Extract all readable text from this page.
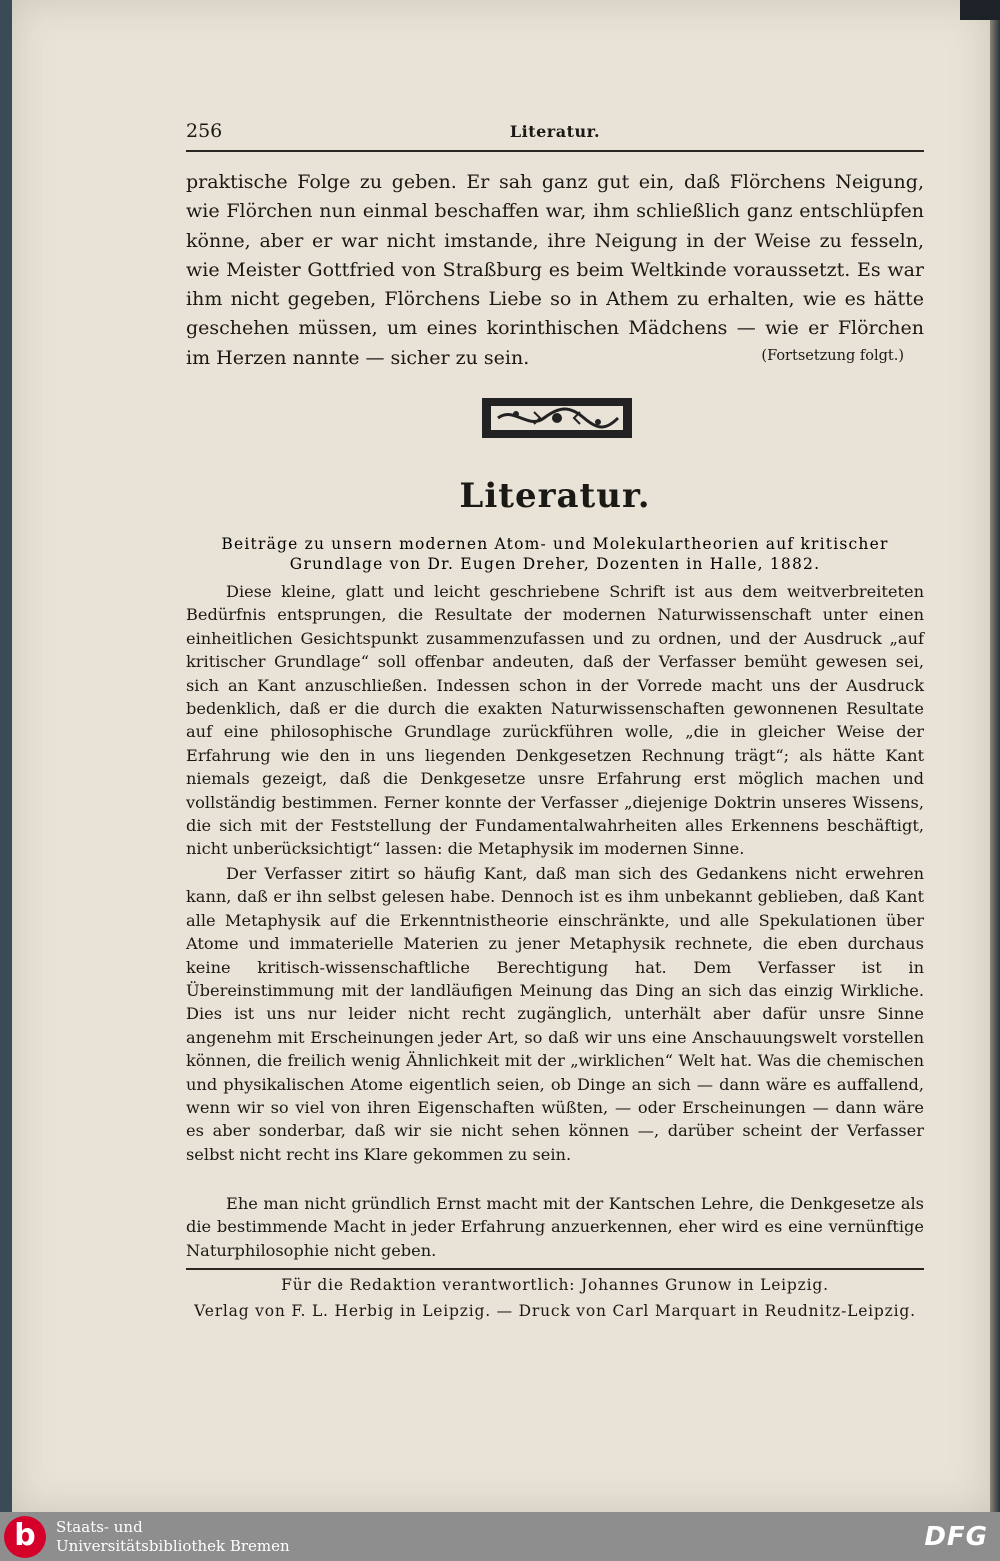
256	Literatur.
praktische Folge zu geben. Er sah ganz gut ein, daß Flörchens Neigung, wie Flörchen nun einmal beschaffen war, ihm schließlich ganz entschlüpfen könne, aber er war nicht imstande, ihre Neigung in der Weise zu fesseln, wie Meister Gottfried von Straßburg es beim Weltkinde voraussetzt. Es war ihm nicht gegeben, Flörchens Liebe so in Athem zu erhalten, wie es hätte geschehen müssen, um eines korinthischen Mädchens — wie er Flörchen im Herzen nannte — sicher zu sein.	(Fortsetzung folgt.)
Literatur.
Beiträge zu unsern modernen Atom- und Molekulartheorien auf kritischer Grundlage von Dr. Eugen Dreher, Dozenten in Halle, 1882.
Diese kleine, glatt und leicht geschriebene Schrift ist aus dem weitverbreiteten Bedürfnis entsprungen, die Resultate der modernen Naturwissenschaft unter einen einheitlichen Gesichtspunkt zusammenzufassen und zu ordnen, und der Ausdruck „auf kritischer Grundlage“ soll offenbar andeuten, daß der Verfasser bemüht gewesen sei, sich an Kant anzuschließen. Indessen schon in der Vorrede macht uns der Ausdruck bedenklich, daß er die durch die exakten Naturwissenschaften gewonnenen Resultate auf eine philosophische Grundlage zurückführen wolle, „die in gleicher Weise der Erfahrung wie den in uns liegenden Denkgesetzen Rechnung trägt“; als hätte Kant niemals gezeigt, daß die Denkgesetze unsre Erfahrung erst möglich machen und vollständig bestimmen. Ferner konnte der Verfasser „diejenige Doktrin unseres Wissens, die sich mit der Feststellung der Fundamentalwahrheiten alles Erkennens beschäftigt, nicht unberücksichtigt“ lassen: die Metaphysik im modernen Sinne.
Der Verfasser zitirt so häufig Kant, daß man sich des Gedankens nicht erwehren kann, daß er ihn selbst gelesen habe. Dennoch ist es ihm unbekannt geblieben, daß Kant alle Metaphysik auf die Erkenntnistheorie einschränkte, und alle Spekulationen über Atome und immaterielle Materien zu jener Metaphysik rechnete, die eben durchaus keine kritisch-wissenschaftliche Berechtigung hat. Dem Verfasser ist in Übereinstimmung mit der landläufigen Meinung das Ding an sich das einzig Wirkliche. Dies ist uns nur leider nicht recht zugänglich, unterhält aber dafür unsre Sinne angenehm mit Erscheinungen jeder Art, so daß wir uns eine Anschauungswelt vorstellen können, die freilich wenig Ähnlichkeit mit der „wirklichen“ Welt hat. Was die chemischen und physikalischen Atome eigentlich seien, ob Dinge an sich — dann wäre es auffallend, wenn wir so viel von ihren Eigenschaften wüßten, — oder Erscheinungen — dann wäre es aber sonderbar, daß wir sie nicht sehen können —, darüber scheint der Verfasser selbst nicht recht ins Klare gekommen zu sein.
Ehe man nicht gründlich Ernst macht mit der Kantschen Lehre, die Denkgesetze als die bestimmende Macht in jeder Erfahrung anzuerkennen, eher wird es eine vernünftige Naturphilosophie nicht geben.
Für die Redaktion verantwortlich: Johannes Grunow in Leipzig.
Verlag von F. L. Herbig in Leipzig. — Druck von Carl Marquart in Reudnitz-Leipzig.
b	Staats- und
Universitätsbibliothek Bremen	DFG
